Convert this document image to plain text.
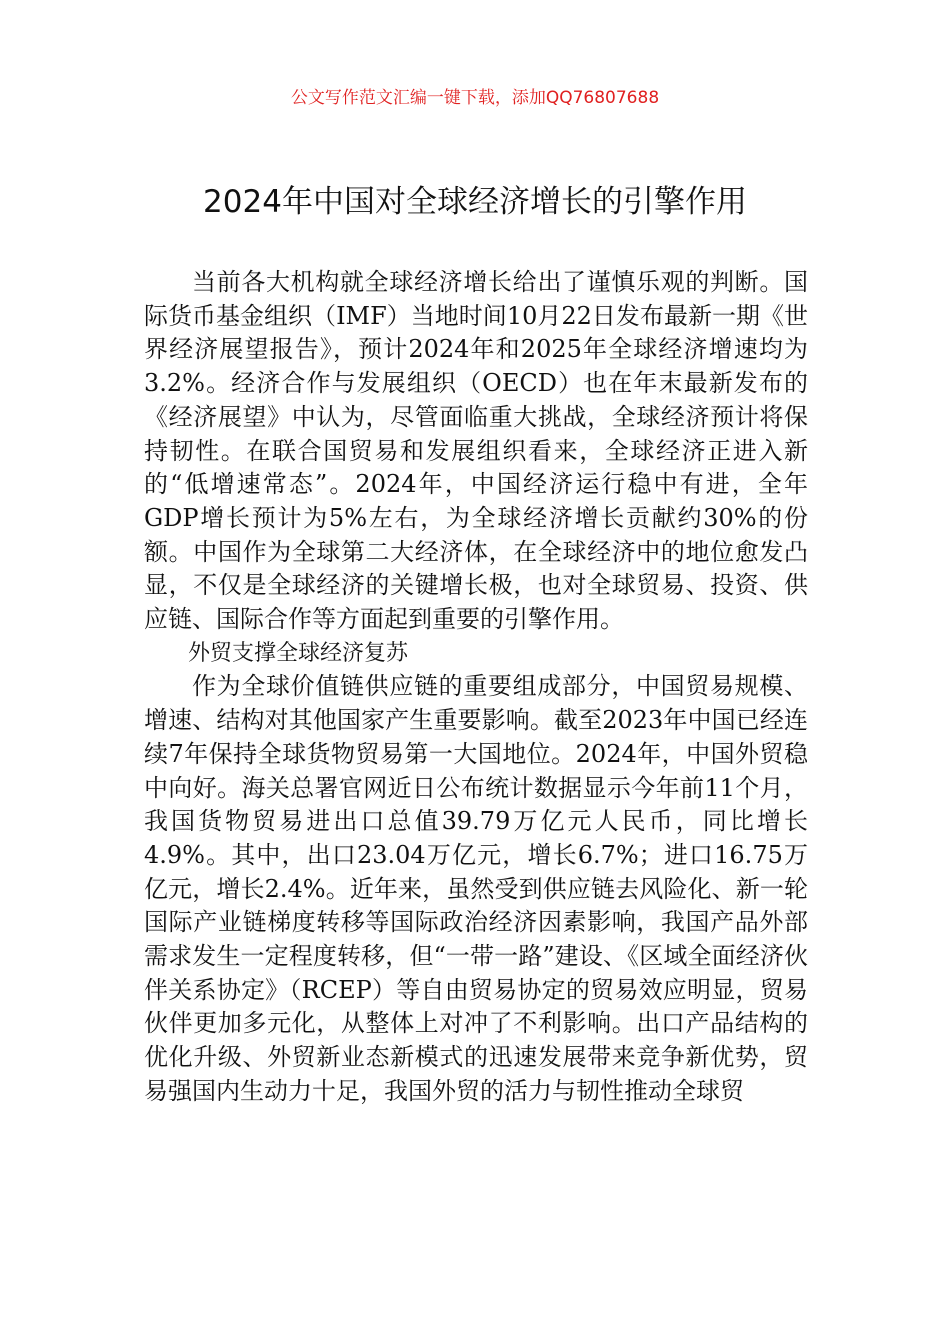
公文写作范文汇编一键下载，添加QQ76807688
2024年中国对全球经济增长的引擎作用

当前各大机构就全球经济增长给出了谨慎乐观的判断。国际货币基金组织（IMF）当地时间10月22日发布最新一期《世界经济展望报告》，预计2024年和2025年全球经济增速均为3.2%。经济合作与发展组织（OECD）也在年末最新发布的《经济展望》中认为，尽管面临重大挑战，全球经济预计将保持韧性。在联合国贸易和发展组织看来，全球经济正进入新的“低增速常态”。2024年，中国经济运行稳中有进，全年GDP增长预计为5%左右，为全球经济增长贡献约30%的份额。中国作为全球第二大经济体，在全球经济中的地位愈发凸显，不仅是全球经济的关键增长极，也对全球贸易、投资、供应链、国际合作等方面起到重要的引擎作用。

外贸支撑全球经济复苏

作为全球价值链供应链的重要组成部分，中国贸易规模、增速、结构对其他国家产生重要影响。截至2023年中国已经连续7年保持全球货物贸易第一大国地位。2024年，中国外贸稳中向好。海关总署官网近日公布统计数据显示今年前11个月，我国货物贸易进出口总值39.79万亿元人民币，同比增长4.9%。其中，出口23.04万亿元，增长6.7%；进口16.75万亿元，增长2.4%。近年来，虽然受到供应链去风险化、新一轮国际产业链梯度转移等国际政治经济因素影响，我国产品外部需求发生一定程度转移，但“一带一路”建设、《区域全面经济伙伴关系协定》（RCEP）等自由贸易协定的贸易效应明显，贸易伙伴更加多元化，从整体上对冲了不利影响。出口产品结构的优化升级、外贸新业态新模式的迅速发展带来竞争新优势，贸易强国内生动力十足，我国外贸的活力与韧性推动全球贸
